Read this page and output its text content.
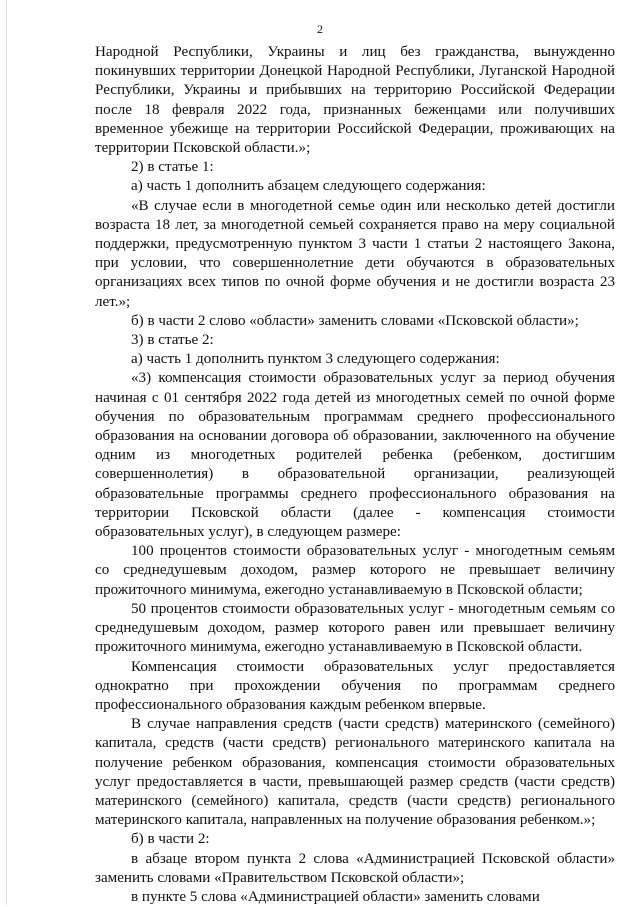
2

Народной Республики, Украины и лиц без гражданства, вынужденно покинувших территории Донецкой Народной Республики, Луганской Народной Республики, Украины и прибывших на территорию Российской Федерации после 18 февраля 2022 года, признанных беженцами или получивших временное убежище на территории Российской Федерации, проживающих на территории Псковской области.»;

2) в статье 1:

а) часть 1 дополнить абзацем следующего содержания:

«В случае если в многодетной семье один или несколько детей достигли возраста 18 лет, за многодетной семьей сохраняется право на меру социальной поддержки, предусмотренную пунктом 3 части 1 статьи 2 настоящего Закона, при условии, что совершеннолетние дети обучаются в образовательных организациях всех типов по очной форме обучения и не достигли возраста 23 лет.»;

б) в части 2 слово «области» заменить словами «Псковской области»;

3) в статье 2:

а) часть 1 дополнить пунктом 3 следующего содержания:

«3) компенсация стоимости образовательных услуг за период обучения начиная с 01 сентября 2022 года детей из многодетных семей по очной форме обучения по образовательным программам среднего профессионального образования на основании договора об образовании, заключенного на обучение одним из многодетных родителей ребенка (ребенком, достигшим совершеннолетия) в образовательной организации, реализующей образовательные программы среднего профессионального образования на территории Псковской области (далее - компенсация стоимости образовательных услуг), в следующем размере:

100 процентов стоимости образовательных услуг - многодетным семьям со среднедушевым доходом, размер которого не превышает величину прожиточного минимума, ежегодно устанавливаемую в Псковской области;

50 процентов стоимости образовательных услуг - многодетным семьям со среднедушевым доходом, размер которого равен или превышает величину прожиточного минимума, ежегодно устанавливаемую в Псковской области.

Компенсация стоимости образовательных услуг предоставляется однократно при прохождении обучения по программам среднего профессионального образования каждым ребенком впервые.

В случае направления средств (части средств) материнского (семейного) капитала, средств (части средств) регионального материнского капитала на получение ребенком образования, компенсация стоимости образовательных услуг предоставляется в части, превышающей размер средств (части средств) материнского (семейного) капитала, средств (части средств) регионального материнского капитала, направленных на получение образования ребенком.»;

б) в части 2:

в абзаце втором пункта 2 слова «Администрацией Псковской области» заменить словами «Правительством Псковской области»;

в пункте 5 слова «Администрацией области» заменить словами
